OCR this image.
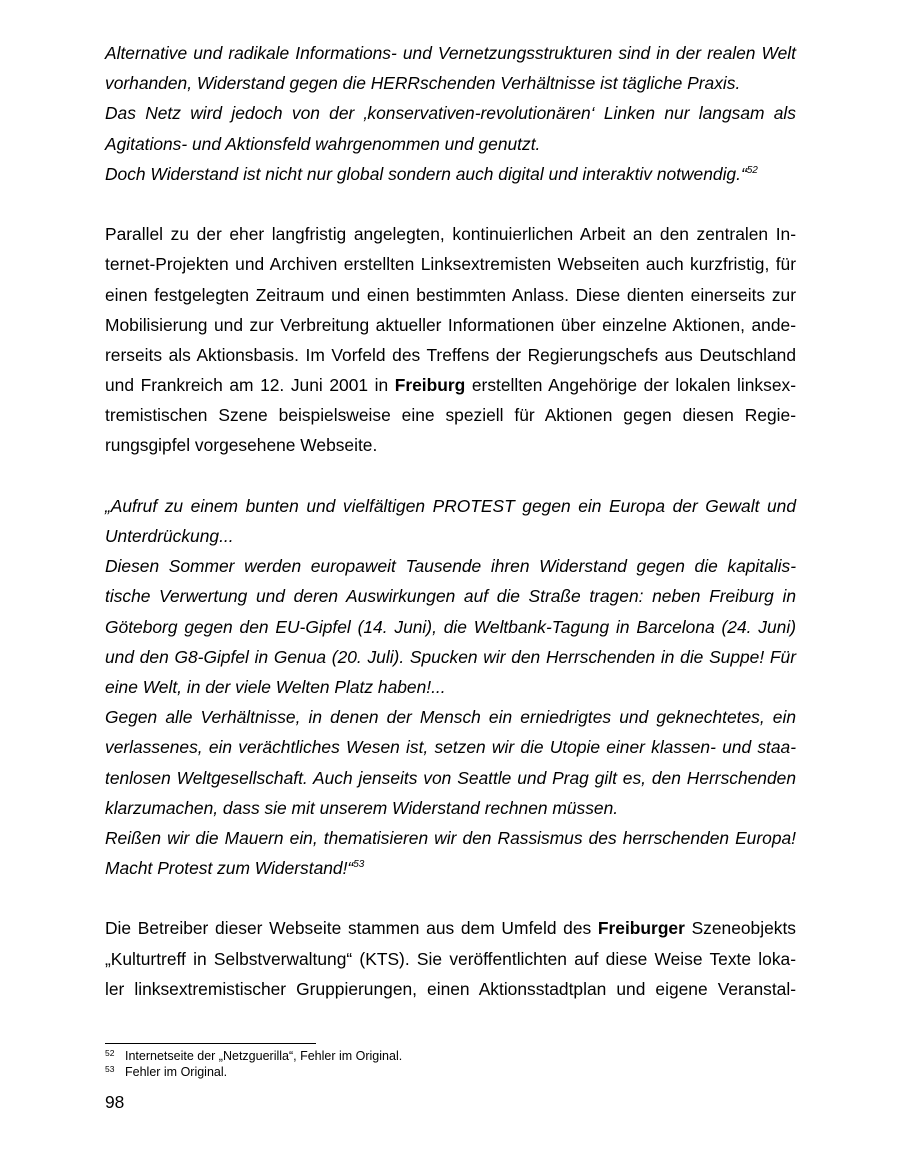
Alternative und radikale Informations- und Vernetzungsstrukturen sind in der realen Welt
vorhanden, Widerstand gegen die HERRschenden Verhältnisse ist tägliche Praxis.
Das Netz wird jedoch von der ‚konservativen-revolutionären‘ Linken nur langsam als
Agitations- und Aktionsfeld wahrgenommen und genutzt.
Doch Widerstand ist nicht nur global sondern auch digital und interaktiv notwendig.“$^{52}$
Parallel zu der eher langfristig angelegten, kontinuierlichen Arbeit an den zentralen In-
ternet-Projekten und Archiven erstellten Linksextremisten Webseiten auch kurzfristig, für
einen festgelegten Zeitraum und einen bestimmten Anlass. Diese dienten einerseits zur
Mobilisierung und zur Verbreitung aktueller Informationen über einzelne Aktionen, ande-
rerseits als Aktionsbasis. Im Vorfeld des Treffens der Regierungschefs aus Deutschland
und Frankreich am 12. Juni 2001 in Freiburg erstellten Angehörige der lokalen linksex-
tremistischen Szene beispielsweise eine speziell für Aktionen gegen diesen Regie-
rungsgipfel vorgesehene Webseite.
„Aufruf zu einem bunten und vielfältigen PROTEST gegen ein Europa der Gewalt und
Unterdrückung...
Diesen Sommer werden europaweit Tausende ihren Widerstand gegen die kapitalis-
tische Verwertung und deren Auswirkungen auf die Straße tragen: neben Freiburg in
Göteborg gegen den EU-Gipfel (14. Juni), die Weltbank-Tagung in Barcelona (24. Juni)
und den G8-Gipfel in Genua (20. Juli). Spucken wir den Herrschenden in die Suppe! Für
eine Welt, in der viele Welten Platz haben!...
Gegen alle Verhältnisse, in denen der Mensch ein erniedrigtes und geknechtetes, ein
verlassenes, ein verächtliches Wesen ist, setzen wir die Utopie einer klassen- und staa-
tenlosen Weltgesellschaft. Auch jenseits von Seattle und Prag gilt es, den Herrschenden
klarzumachen, dass sie mit unserem Widerstand rechnen müssen.
Reißen wir die Mauern ein, thematisieren wir den Rassismus des herrschenden Europa!
Macht Protest zum Widerstand!“$^{53}$
Die Betreiber dieser Webseite stammen aus dem Umfeld des Freiburger Szeneobjekts
„Kulturtreff in Selbstverwaltung“ (KTS). Sie veröffentlichten auf diese Weise Texte loka-
ler linksextremistischer Gruppierungen, einen Aktionsstadtplan und eigene Veranstal-
52 Internetseite der „Netzguerilla“, Fehler im Original.
53 Fehler im Original.
98
